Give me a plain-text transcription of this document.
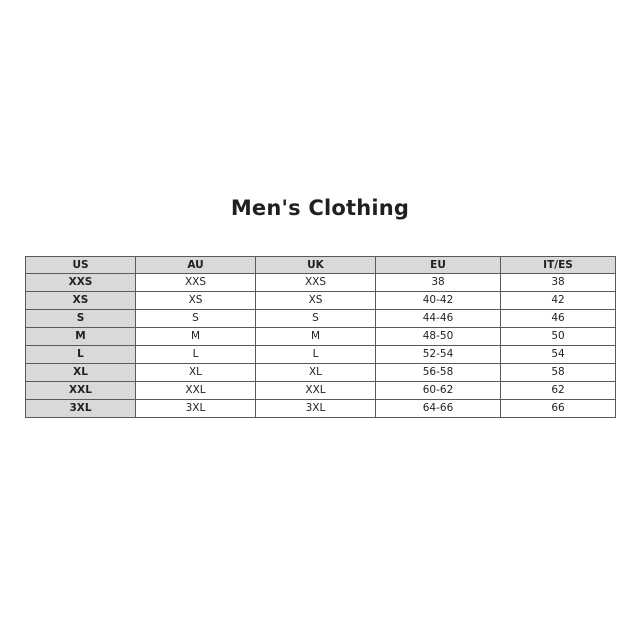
Men's Clothing
US	AU	UK	EU	IT/ES
XXS	XXS	XXS	38	38
XS	XS	XS	40-42	42
S	S	S	44-46	46
M	M	M	48-50	50
L	L	L	52-54	54
XL	XL	XL	56-58	58
XXL	XXL	XXL	60-62	62
3XL	3XL	3XL	64-66	66
